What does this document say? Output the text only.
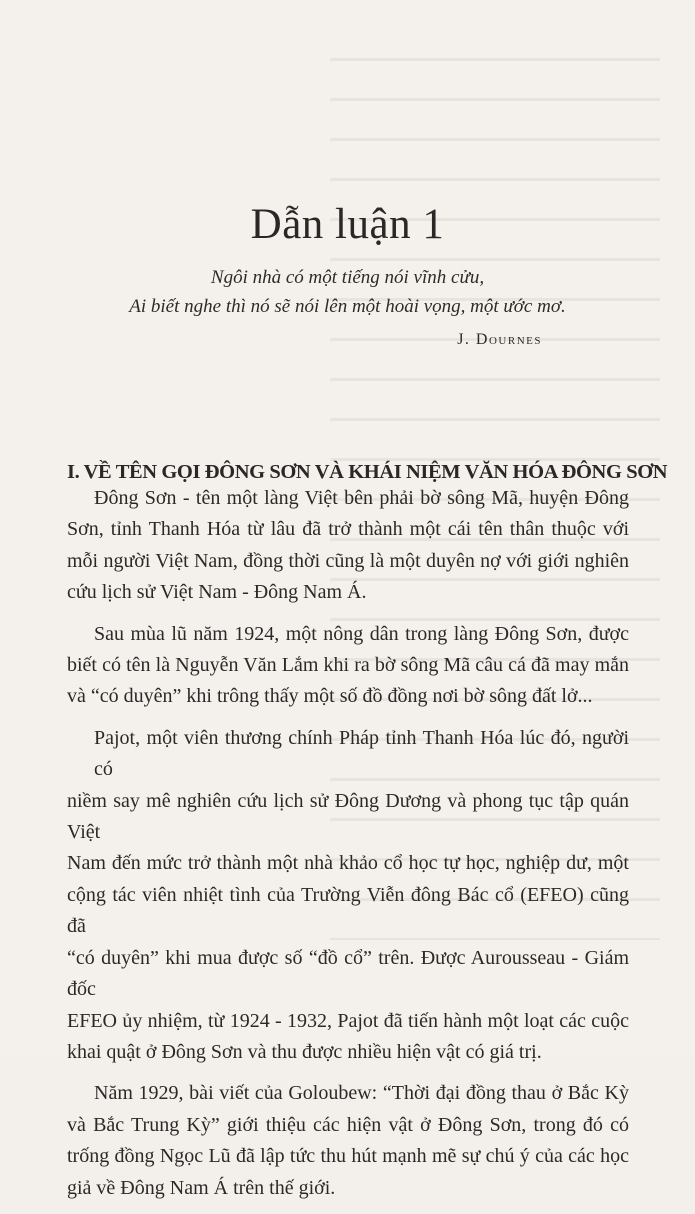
Dẫn luận 1
Ngôi nhà có một tiếng nói vĩnh cửu,
Ai biết nghe thì nó sẽ nói lên một hoài vọng, một ước mơ.
J. Dournes
I. VỀ TÊN GỌI ĐÔNG SƠN VÀ KHÁI NIỆM VĂN HÓA ĐÔNG SƠN

Đông Sơn - tên một làng Việt bên phải bờ sông Mã, huyện Đông
Sơn, tỉnh Thanh Hóa từ lâu đã trở thành một cái tên thân thuộc với
mỗi người Việt Nam, đồng thời cũng là một duyên nợ với giới nghiên
cứu lịch sử Việt Nam - Đông Nam Á.

Sau mùa lũ năm 1924, một nông dân trong làng Đông Sơn, được
biết có tên là Nguyễn Văn Lắm khi ra bờ sông Mã câu cá đã may mắn
và “có duyên” khi trông thấy một số đồ đồng nơi bờ sông đất lở...

Pajot, một viên thương chính Pháp tỉnh Thanh Hóa lúc đó, người có
niềm say mê nghiên cứu lịch sử Đông Dương và phong tục tập quán Việt
Nam đến mức trở thành một nhà khảo cổ học tự học, nghiệp dư, một
cộng tác viên nhiệt tình của Trường Viễn đông Bác cổ (EFEO) cũng đã
“có duyên” khi mua được số “đồ cổ” trên. Được Aurousseau - Giám đốc
EFEO ủy nhiệm, từ 1924 - 1932, Pajot đã tiến hành một loạt các cuộc
khai quật ở Đông Sơn và thu được nhiều hiện vật có giá trị.

Năm 1929, bài viết của Goloubew: “Thời đại đồng thau ở Bắc Kỳ
và Bắc Trung Kỳ” giới thiệu các hiện vật ở Đông Sơn, trong đó có
trống đồng Ngọc Lũ đã lập tức thu hút mạnh mẽ sự chú ý của các học
giả về Đông Nam Á trên thế giới.
